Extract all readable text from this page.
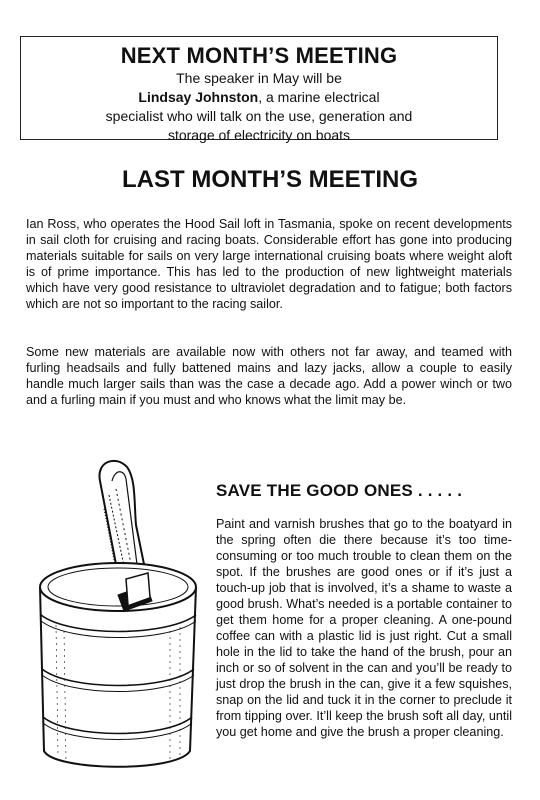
NEXT MONTH’S MEETING
The speaker in May will be
Lindsay Johnston, a marine electrical
specialist who will talk on the use, generation and
storage of electricity on boats
LAST MONTH’S MEETING
Ian Ross, who operates the Hood Sail loft in Tasmania, spoke on recent developments in sail cloth for cruising and racing boats. Considerable effort has gone into producing materials suitable for sails on very large international cruising boats where weight aloft is of prime importance. This has led to the production of new lightweight materials which have very good resistance to ultraviolet degradation and to fatigue; both factors which are not so important to the racing sailor.
Some new materials are available now with others not far away, and teamed with furling headsails and fully battened mains and lazy jacks, allow a couple to easily handle much larger sails than was the case a decade ago. Add a power winch or two and a furling main if you must and who knows what the limit may be.
SAVE THE GOOD ONES . . . . .
Paint and varnish brushes that go to the boatyard in the spring often die there because it’s too time-consuming or too much trouble to clean them on the spot. If the brushes are good ones or if it’s just a touch-up job that is involved, it’s a shame to waste a good brush. What’s needed is a portable container to get them home for a proper cleaning. A one-pound coffee can with a plastic lid is just right. Cut a small hole in the lid to take the hand of the brush, pour an inch or so of solvent in the can and you’ll be ready to just drop the brush in the can, give it a few squishes, snap on the lid and tuck it in the corner to preclude it from tipping over. It’ll keep the brush soft all day, until you get home and give the brush a proper cleaning.
